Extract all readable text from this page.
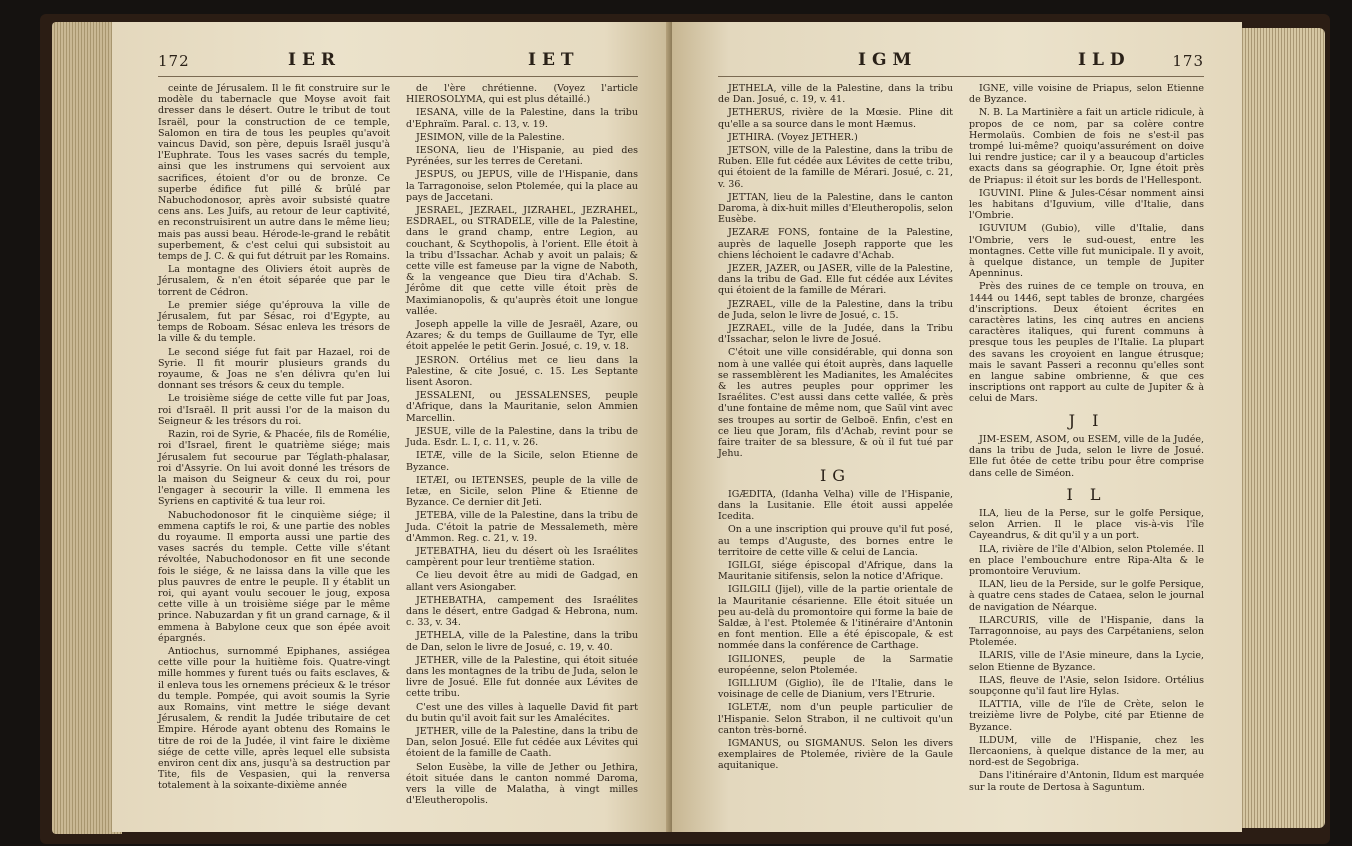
172	IER	IET

ceinte de Jérusalem. Il le fit construire sur le modèle du tabernacle que Moyse avoit fait dresser dans le désert. Outre le tribut de tout Israël, pour la construction de ce temple, Salomon en tira de tous les peuples qu'avoit vaincus David, son père, depuis Israël jusqu'à l'Euphrate. Tous les vases sacrés du temple, ainsi que les instrumens qui servoient aux sacrifices, étoient d'or ou de bronze. Ce superbe édifice fut pillé & brûlé par Nabuchodonosor, après avoir subsisté quatre cens ans. Les Juifs, au retour de leur captivité, en reconstruisirent un autre dans le même lieu; mais pas aussi beau. Hérode-le-grand le rebâtit superbement, & c'est celui qui subsistoit au temps de J. C. & qui fut détruit par les Romains.

La montagne des Oliviers étoit auprès de Jérusalem, & n'en étoit séparée que par le torrent de Cédron.

Le premier siége qu'éprouva la ville de Jérusalem, fut par Sésac, roi d'Egypte, au temps de Roboam. Sésac enleva les trésors de la ville & du temple.

Le second siége fut fait par Hazael, roi de Syrie. Il fit mourir plusieurs grands du royaume, & Joas ne s'en délivra qu'en lui donnant ses trésors & ceux du temple.

Le troisième siége de cette ville fut par Joas, roi d'Israël. Il prit aussi l'or de la maison du Seigneur & les trésors du roi.

Razin, roi de Syrie, & Phacée, fils de Romélie, roi d'Israel, firent le quatrième siége; mais Jérusalem fut secourue par Téglath-phalasar, roi d'Assyrie. On lui avoit donné les trésors de la maison du Seigneur & ceux du roi, pour l'engager à secourir la ville. Il emmena les Syriens en captivité & tua leur roi.

Nabuchodonosor fit le cinquième siége; il emmena captifs le roi, & une partie des nobles du royaume. Il emporta aussi une partie des vases sacrés du temple. Cette ville s'étant révoltée, Nabuchodonosor en fit une seconde fois le siége, & ne laissa dans la ville que les plus pauvres de entre le peuple. Il y établit un roi, qui ayant voulu secouer le joug, exposa cette ville à un troisième siége par le même prince. Nabuzardan y fit un grand carnage, & il emmena à Babylone ceux que son épée avoit épargnés.

Antiochus, surnommé Epiphanes, assiégea cette ville pour la huitième fois. Quatre-vingt mille hommes y furent tués ou faits esclaves, & il enleva tous les ornemens précieux & le trésor du temple. Pompée, qui avoit soumis la Syrie aux Romains, vint mettre le siége devant Jérusalem, & rendit la Judée tributaire de cet Empire. Hérode ayant obtenu des Romains le titre de roi de la Judée, il vint faire le dixième siége de cette ville, après lequel elle subsista environ cent dix ans, jusqu'à sa destruction par Tite, fils de Vespasien, qui la renversa totalement à la soixante-dixième année

de l'ère chrétienne. (Voyez l'article HIEROSOLYMA, qui est plus détaillé.)

IESANA, ville de la Palestine, dans la tribu d'Ephraïm. Paral. c. 13, v. 19.

JESIMON, ville de la Palestine.

IESONA, lieu de l'Hispanie, au pied des Pyrénées, sur les terres de Ceretani.

JESPUS, ou JEPUS, ville de l'Hispanie, dans la Tarragonoise, selon Ptolemée, qui la place au pays de Jaccetani.

JESRAEL, JEZRAEL, JIZRAHEL, JEZRAHEL, ESDRAEL, ou STRADELE, ville de la Palestine, dans le grand champ, entre Legion, au couchant, & Scythopolis, à l'orient. Elle étoit à la tribu d'Issachar. Achab y avoit un palais; & cette ville est fameuse par la vigne de Naboth, & la vengeance que Dieu tira d'Achab. S. Jérôme dit que cette ville étoit près de Maximianopolis, & qu'auprès étoit une longue vallée.

Joseph appelle la ville de Jesraël, Azare, ou Azares; & du temps de Guillaume de Tyr, elle étoit appelée le petit Gerin. Josué, c. 19, v. 18.

JESRON. Ortélius met ce lieu dans la Palestine, & cite Josué, c. 15. Les Septante lisent Asoron.

JESSALENI, ou JESSALENSES, peuple d'Afrique, dans la Mauritanie, selon Ammien Marcellin.

JESUE, ville de la Palestine, dans la tribu de Juda. Esdr. L. I, c. 11, v. 26.

IETÆ, ville de la Sicile, selon Etienne de Byzance.

IETÆI, ou IETENSES, peuple de la ville de Ietæ, en Sicile, selon Pline & Etienne de Byzance. Ce dernier dit Jeti.

JETEBA, ville de la Palestine, dans la tribu de Juda. C'étoit la patrie de Messalemeth, mère d'Ammon. Reg. c. 21, v. 19.

JETEBATHA, lieu du désert où les Israélites campèrent pour leur trentième station.

Ce lieu devoit être au midi de Gadgad, en allant vers Asiongaber.

JETHEBATHA, campement des Israélites dans le désert, entre Gadgad & Hebrona, num. c. 33, v. 34.

JETHELA, ville de la Palestine, dans la tribu de Dan, selon le livre de Josué, c. 19, v. 40.

JETHER, ville de la Palestine, qui étoit située dans les montagnes de la tribu de Juda, selon le livre de Josué. Elle fut donnée aux Lévites de cette tribu.

C'est une des villes à laquelle David fit part du butin qu'il avoit fait sur les Amalécites.

JETHER, ville de la Palestine, dans la tribu de Dan, selon Josué. Elle fut cédée aux Lévites qui étoient de la famille de Caath.

Selon Eusèbe, la ville de Jether ou Jethira, étoit située dans le canton nommé Daroma, vers la ville de Malatha, à vingt milles d'Eleutheropolis.

IGM	ILD	173

JETHELA, ville de la Palestine, dans la tribu de Dan. Josué, c. 19, v. 41.

JETHERUS, rivière de la Mœsie. Pline dit qu'elle a sa source dans le mont Hæmus.

JETHIRA. (Voyez JETHER.)

JETSON, ville de la Palestine, dans la tribu de Ruben. Elle fut cédée aux Lévites de cette tribu, qui étoient de la famille de Mérari. Josué, c. 21, v. 36.

JETTAN, lieu de la Palestine, dans le canton Daroma, à dix-huit milles d'Eleutheropolis, selon Eusèbe.

JEZARÆ FONS, fontaine de la Palestine, auprès de laquelle Joseph rapporte que les chiens léchoient le cadavre d'Achab.

JEZER, JAZER, ou JASER, ville de la Palestine, dans la tribu de Gad. Elle fut cédée aux Lévites qui étoient de la famille de Mérari.

JEZRAEL, ville de la Palestine, dans la tribu de Juda, selon le livre de Josué, c. 15.

JEZRAEL, ville de la Judée, dans la Tribu d'Issachar, selon le livre de Josué.

C'étoit une ville considérable, qui donna son nom à une vallée qui étoit auprès, dans laquelle se rassemblèrent les Madianites, les Amalécites & les autres peuples pour opprimer les Israélites. C'est aussi dans cette vallée, & près d'une fontaine de même nom, que Saül vint avec ses troupes au sortir de Gelboë. Enfin, c'est en ce lieu que Joram, fils d'Achab, revint pour se faire traiter de sa blessure, & où il fut tué par Jehu.

IG

IGÆDITA, (Idanha Velha) ville de l'Hispanie, dans la Lusitanie. Elle étoit aussi appelée Icedita.

On a une inscription qui prouve qu'il fut posé, au temps d'Auguste, des bornes entre le territoire de cette ville & celui de Lancia.

IGILGI, siége épiscopal d'Afrique, dans la Mauritanie sitifensis, selon la notice d'Afrique.

IGILGILI (Jijel), ville de la partie orientale de la Mauritanie césarienne. Elle étoit située un peu au-delà du promontoire qui forme la baie de Saldæ, à l'est. Ptolemée & l'itinéraire d'Antonin en font mention. Elle a été épiscopale, & est nommée dans la conférence de Carthage.

IGILIONES, peuple de la Sarmatie européenne, selon Ptolemée.

IGILLIUM (Giglio), île de l'Italie, dans le voisinage de celle de Dianium, vers l'Etrurie.

IGLETÆ, nom d'un peuple particulier de l'Hispanie. Selon Strabon, il ne cultivoit qu'un canton très-borné.

IGMANUS, ou SIGMANUS. Selon les divers exemplaires de Ptolemée, rivière de la Gaule aquitanique.

IGNE, ville voisine de Priapus, selon Etienne de Byzance.

N. B. La Martinière a fait un article ridicule, à propos de ce nom, par sa colère contre Hermolaüs. Combien de fois ne s'est-il pas trompé lui-même? quoiqu'assurément on doive lui rendre justice; car il y a beaucoup d'articles exacts dans sa géographie. Or, Igne étoit près de Priapus: il étoit sur les bords de l'Hellespont.

IGUVINI. Pline & Jules-César nomment ainsi les habitans d'Iguvium, ville d'Italie, dans l'Ombrie.

IGUVIUM (Gubio), ville d'Italie, dans l'Ombrie, vers le sud-ouest, entre les montagnes. Cette ville fut municipale. Il y avoit, à quelque distance, un temple de Jupiter Apenninus.

Près des ruines de ce temple on trouva, en 1444 ou 1446, sept tables de bronze, chargées d'inscriptions. Deux étoient écrites en caractères latins, les cinq autres en anciens caractères italiques, qui furent communs à presque tous les peuples de l'Italie. La plupart des savans les croyoient en langue étrusque; mais le savant Passeri a reconnu qu'elles sont en langue sabine ombrienne, & que ces inscriptions ont rapport au culte de Jupiter & à celui de Mars.

J I

JIM-ESEM, ASOM, ou ESEM, ville de la Judée, dans la tribu de Juda, selon le livre de Josué. Elle fut ôtée de cette tribu pour être comprise dans celle de Siméon.

I L

ILA, lieu de la Perse, sur le golfe Persique, selon Arrien. Il le place vis-à-vis l'île Cayeandrus, & dit qu'il y a un port.

ILA, rivière de l'île d'Albion, selon Ptolemée. Il en place l'embouchure entre Ripa-Alta & le promontoire Veruvium.

ILAN, lieu de la Perside, sur le golfe Persique, à quatre cens stades de Cataea, selon le journal de navigation de Néarque.

ILARCURIS, ville de l'Hispanie, dans la Tarragonnoise, au pays des Carpétaniens, selon Ptolemée.

ILARIS, ville de l'Asie mineure, dans la Lycie, selon Etienne de Byzance.

ILAS, fleuve de l'Asie, selon Isidore. Ortélius soupçonne qu'il faut lire Hylas.

ILATTIA, ville de l'île de Crète, selon le treizième livre de Polybe, cité par Etienne de Byzance.

ILDUM, ville de l'Hispanie, chez les Ilercaoniens, à quelque distance de la mer, au nord-est de Segobriga.

Dans l'itinéraire d'Antonin, Ildum est marquée sur la route de Dertosa à Saguntum.
